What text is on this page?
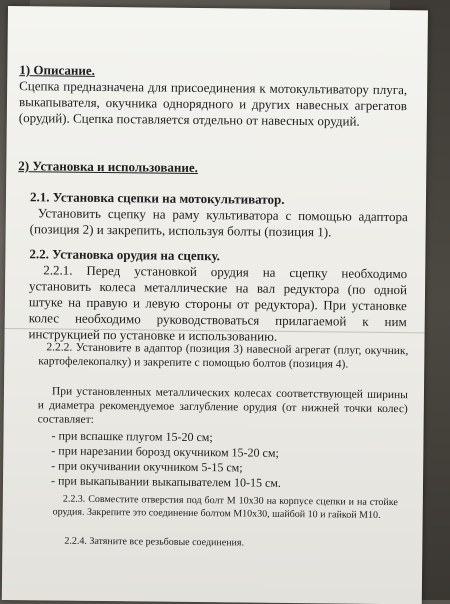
1) Описание.

Сцепка предназначена для присоединения к мотокультиватору плуга, выкапывателя, окучника однорядного и других навесных агрегатов (орудий). Сцепка поставляется отдельно от навесных орудий.

2) Установка и использование.

2.1. Установка сцепки на мотокультиватор.

Установить сцепку на раму культиватора с помощью адаптора (позиция 2) и закрепить, используя болты (позиция 1).

2.2. Установка орудия на сцепку.

2.2.1. Перед установкой орудия на сцепку необходимо установить колеса металлические на вал редуктора (по одной штуке на правую и левую стороны от редуктора). При установке колес необходимо руководствоваться прилагаемой к ним инструкцией по установке и использованию.

2.2.2. Установите в адаптор (позиция 3) навесной агрегат (плуг, окучник, картофелекопалку) и закрепите с помощью болтов (позиция 4).

При установленных металлических колесах соответствующей ширины и диаметра рекомендуемое заглубление орудия (от нижней точки колес) составляет:

- при вспашке плугом 15-20 см;
- при нарезании борозд окучником 15-20 см;
- при окучивании окучником 5-15 см;
- при выкапывании выкапывателем 10-15 см.

2.2.3. Совместите отверстия под болт М 10х30 на корпусе сцепки и на стойке орудия. Закрепите это соединение болтом М10х30, шайбой 10 и гайкой М10.

2.2.4. Затяните все резьбовые соединения.
